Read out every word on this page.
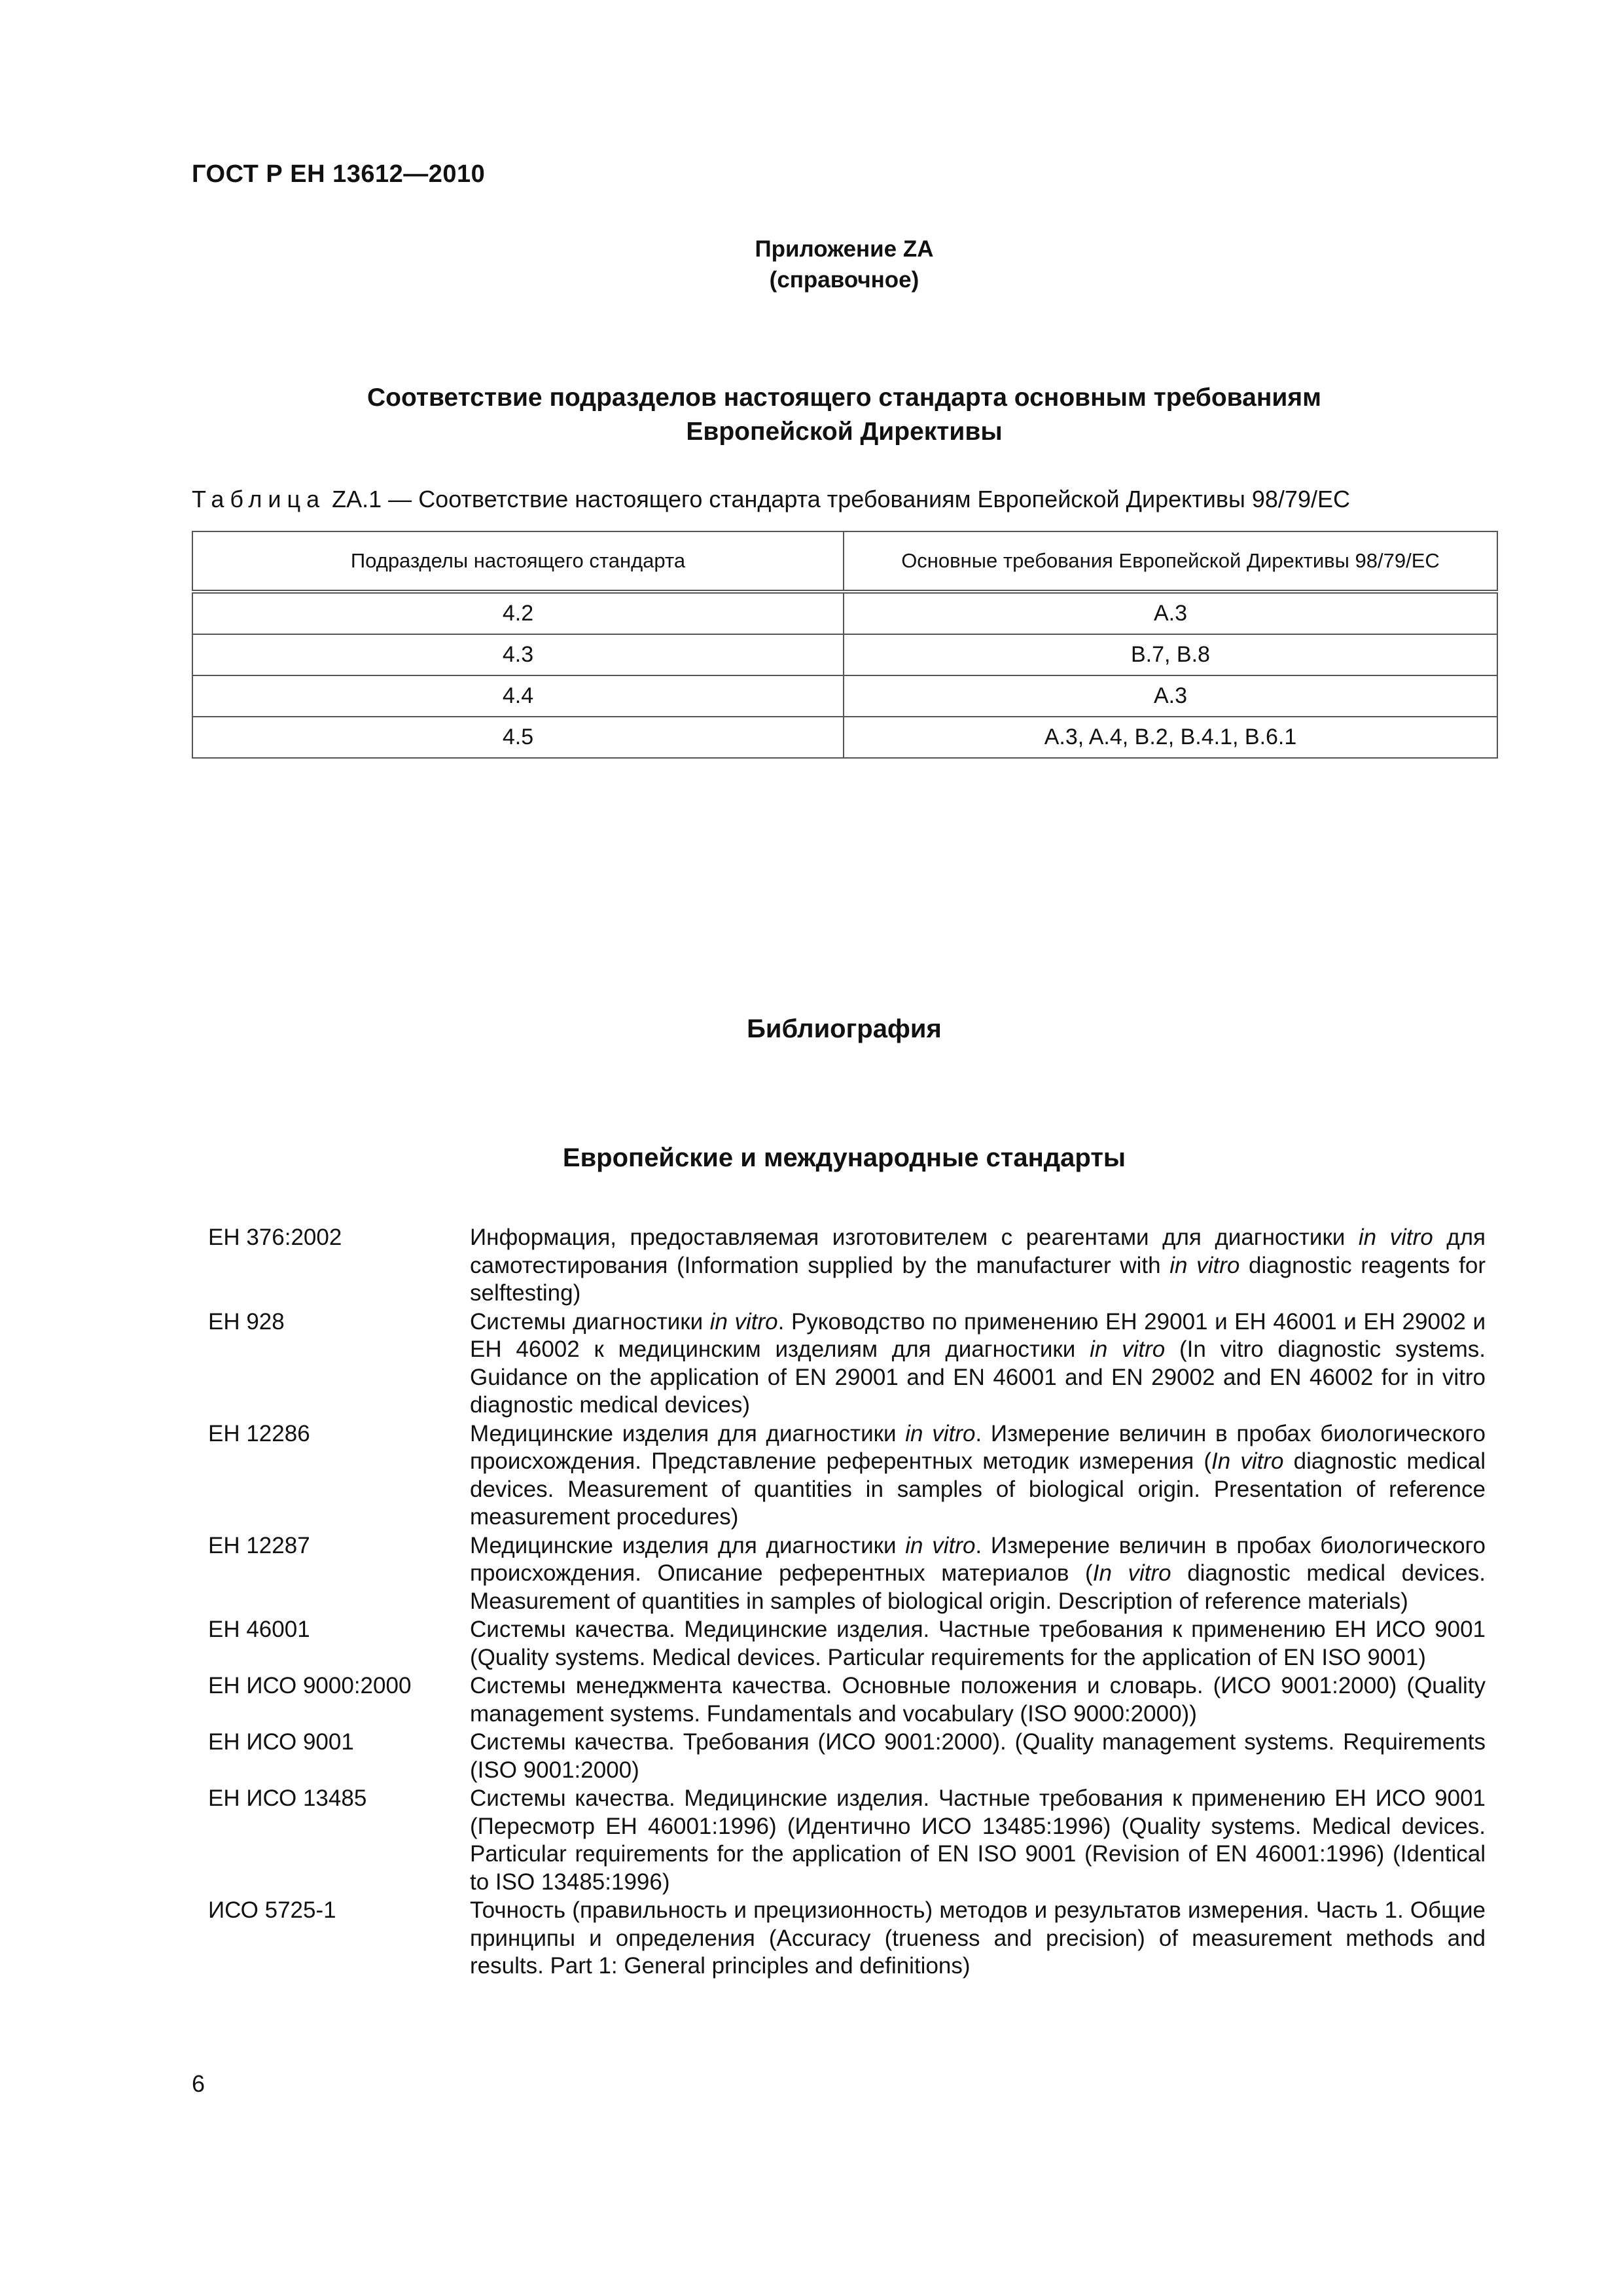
ГОСТ Р ЕН 13612—2010
Приложение ZA
(справочное)
Соответствие подразделов настоящего стандарта основным требованиям
Европейской Директивы
Таблица ZA.1 — Соответствие настоящего стандарта требованиям Европейской Директивы 98/79/ЕС
Подразделы настоящего стандарта	Основные требования Европейской Директивы 98/79/ЕС
4.2	A.3
4.3	B.7, B.8
4.4	A.3
4.5	A.3, A.4, B.2, B.4.1, B.6.1
Библиография
Европейские и международные стандарты
ЕН 376:2002	Информация, предоставляемая изготовителем с реагентами для диагностики in vitro для самотестирования (Information supplied by the manufacturer with in vitro diagnostic reagents for selftesting)
ЕН 928	Системы диагностики in vitro. Руководство по применению ЕН 29001 и ЕН 46001 и ЕН 29002 и ЕН 46002 к медицинским изделиям для диагностики in vitro (In vitro diagnostic systems. Guidance on the application of EN 29001 and EN 46001 and EN 29002 and EN 46002 for in vitro diagnostic medical devices)
ЕН 12286	Медицинские изделия для диагностики in vitro. Измерение величин в пробах биологического происхождения. Представление референтных методик измерения (In vitro diagnostic medical devices. Measurement of quantities in samples of biological origin. Presentation of reference measurement procedures)
ЕН 12287	Медицинские изделия для диагностики in vitro. Измерение величин в пробах биологического происхождения. Описание референтных материалов (In vitro diagnostic medical devices. Measurement of quantities in samples of biological origin. Description of reference materials)
ЕН 46001	Системы качества. Медицинские изделия. Частные требования к применению ЕН ИСО 9001 (Quality systems. Medical devices. Particular requirements for the application of EN ISO 9001)
ЕН ИСО 9000:2000	Системы менеджмента качества. Основные положения и словарь. (ИСО 9001:2000) (Quality management systems. Fundamentals and vocabulary (ISO 9000:2000))
ЕН ИСО 9001	Системы качества. Требования (ИСО 9001:2000). (Quality management systems. Requirements (ISO 9001:2000)
ЕН ИСО 13485	Системы качества. Медицинские изделия. Частные требования к применению ЕН ИСО 9001 (Пересмотр ЕН 46001:1996) (Идентично ИСО 13485:1996) (Quality systems. Medical devices. Particular requirements for the application of EN ISO 9001 (Revision of EN 46001:1996) (Identical to ISO 13485:1996)
ИСО 5725-1	Точность (правильность и прецизионность) методов и результатов измерения. Часть 1. Общие принципы и определения (Accuracy (trueness and precision) of measurement methods and results. Part 1: General principles and definitions)
6
